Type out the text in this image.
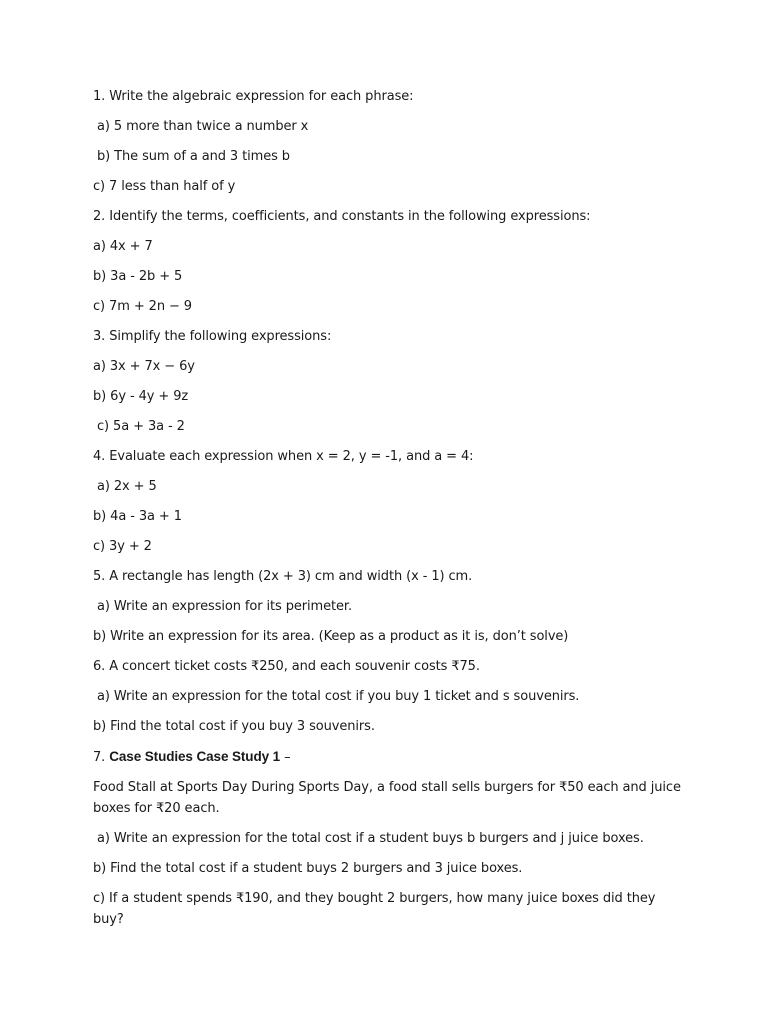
1. Write the algebraic expression for each phrase:

a) 5 more than twice a number x

b) The sum of a and 3 times b

c) 7 less than half of y

2. Identify the terms, coefficients, and constants in the following expressions:

a) 4x + 7

b) 3a - 2b + 5

c) 7m + 2n − 9

3. Simplify the following expressions:

a) 3x + 7x − 6y

b) 6y - 4y + 9z

c) 5a + 3a - 2

4. Evaluate each expression when x = 2, y = -1, and a = 4:

a) 2x + 5

b) 4a - 3a + 1

c) 3y + 2

5. A rectangle has length (2x + 3) cm and width (x - 1) cm.

a) Write an expression for its perimeter.

b) Write an expression for its area. (Keep as a product as it is, don’t solve)

6. A concert ticket costs ₹250, and each souvenir costs ₹75.

a) Write an expression for the total cost if you buy 1 ticket and s souvenirs.

b) Find the total cost if you buy 3 souvenirs.

7. Case Studies Case Study 1 –

Food Stall at Sports Day During Sports Day, a food stall sells burgers for ₹50 each and juice boxes for ₹20 each.

a) Write an expression for the total cost if a student buys b burgers and j juice boxes.

b) Find the total cost if a student buys 2 burgers and 3 juice boxes.

c) If a student spends ₹190, and they bought 2 burgers, how many juice boxes did they buy?
